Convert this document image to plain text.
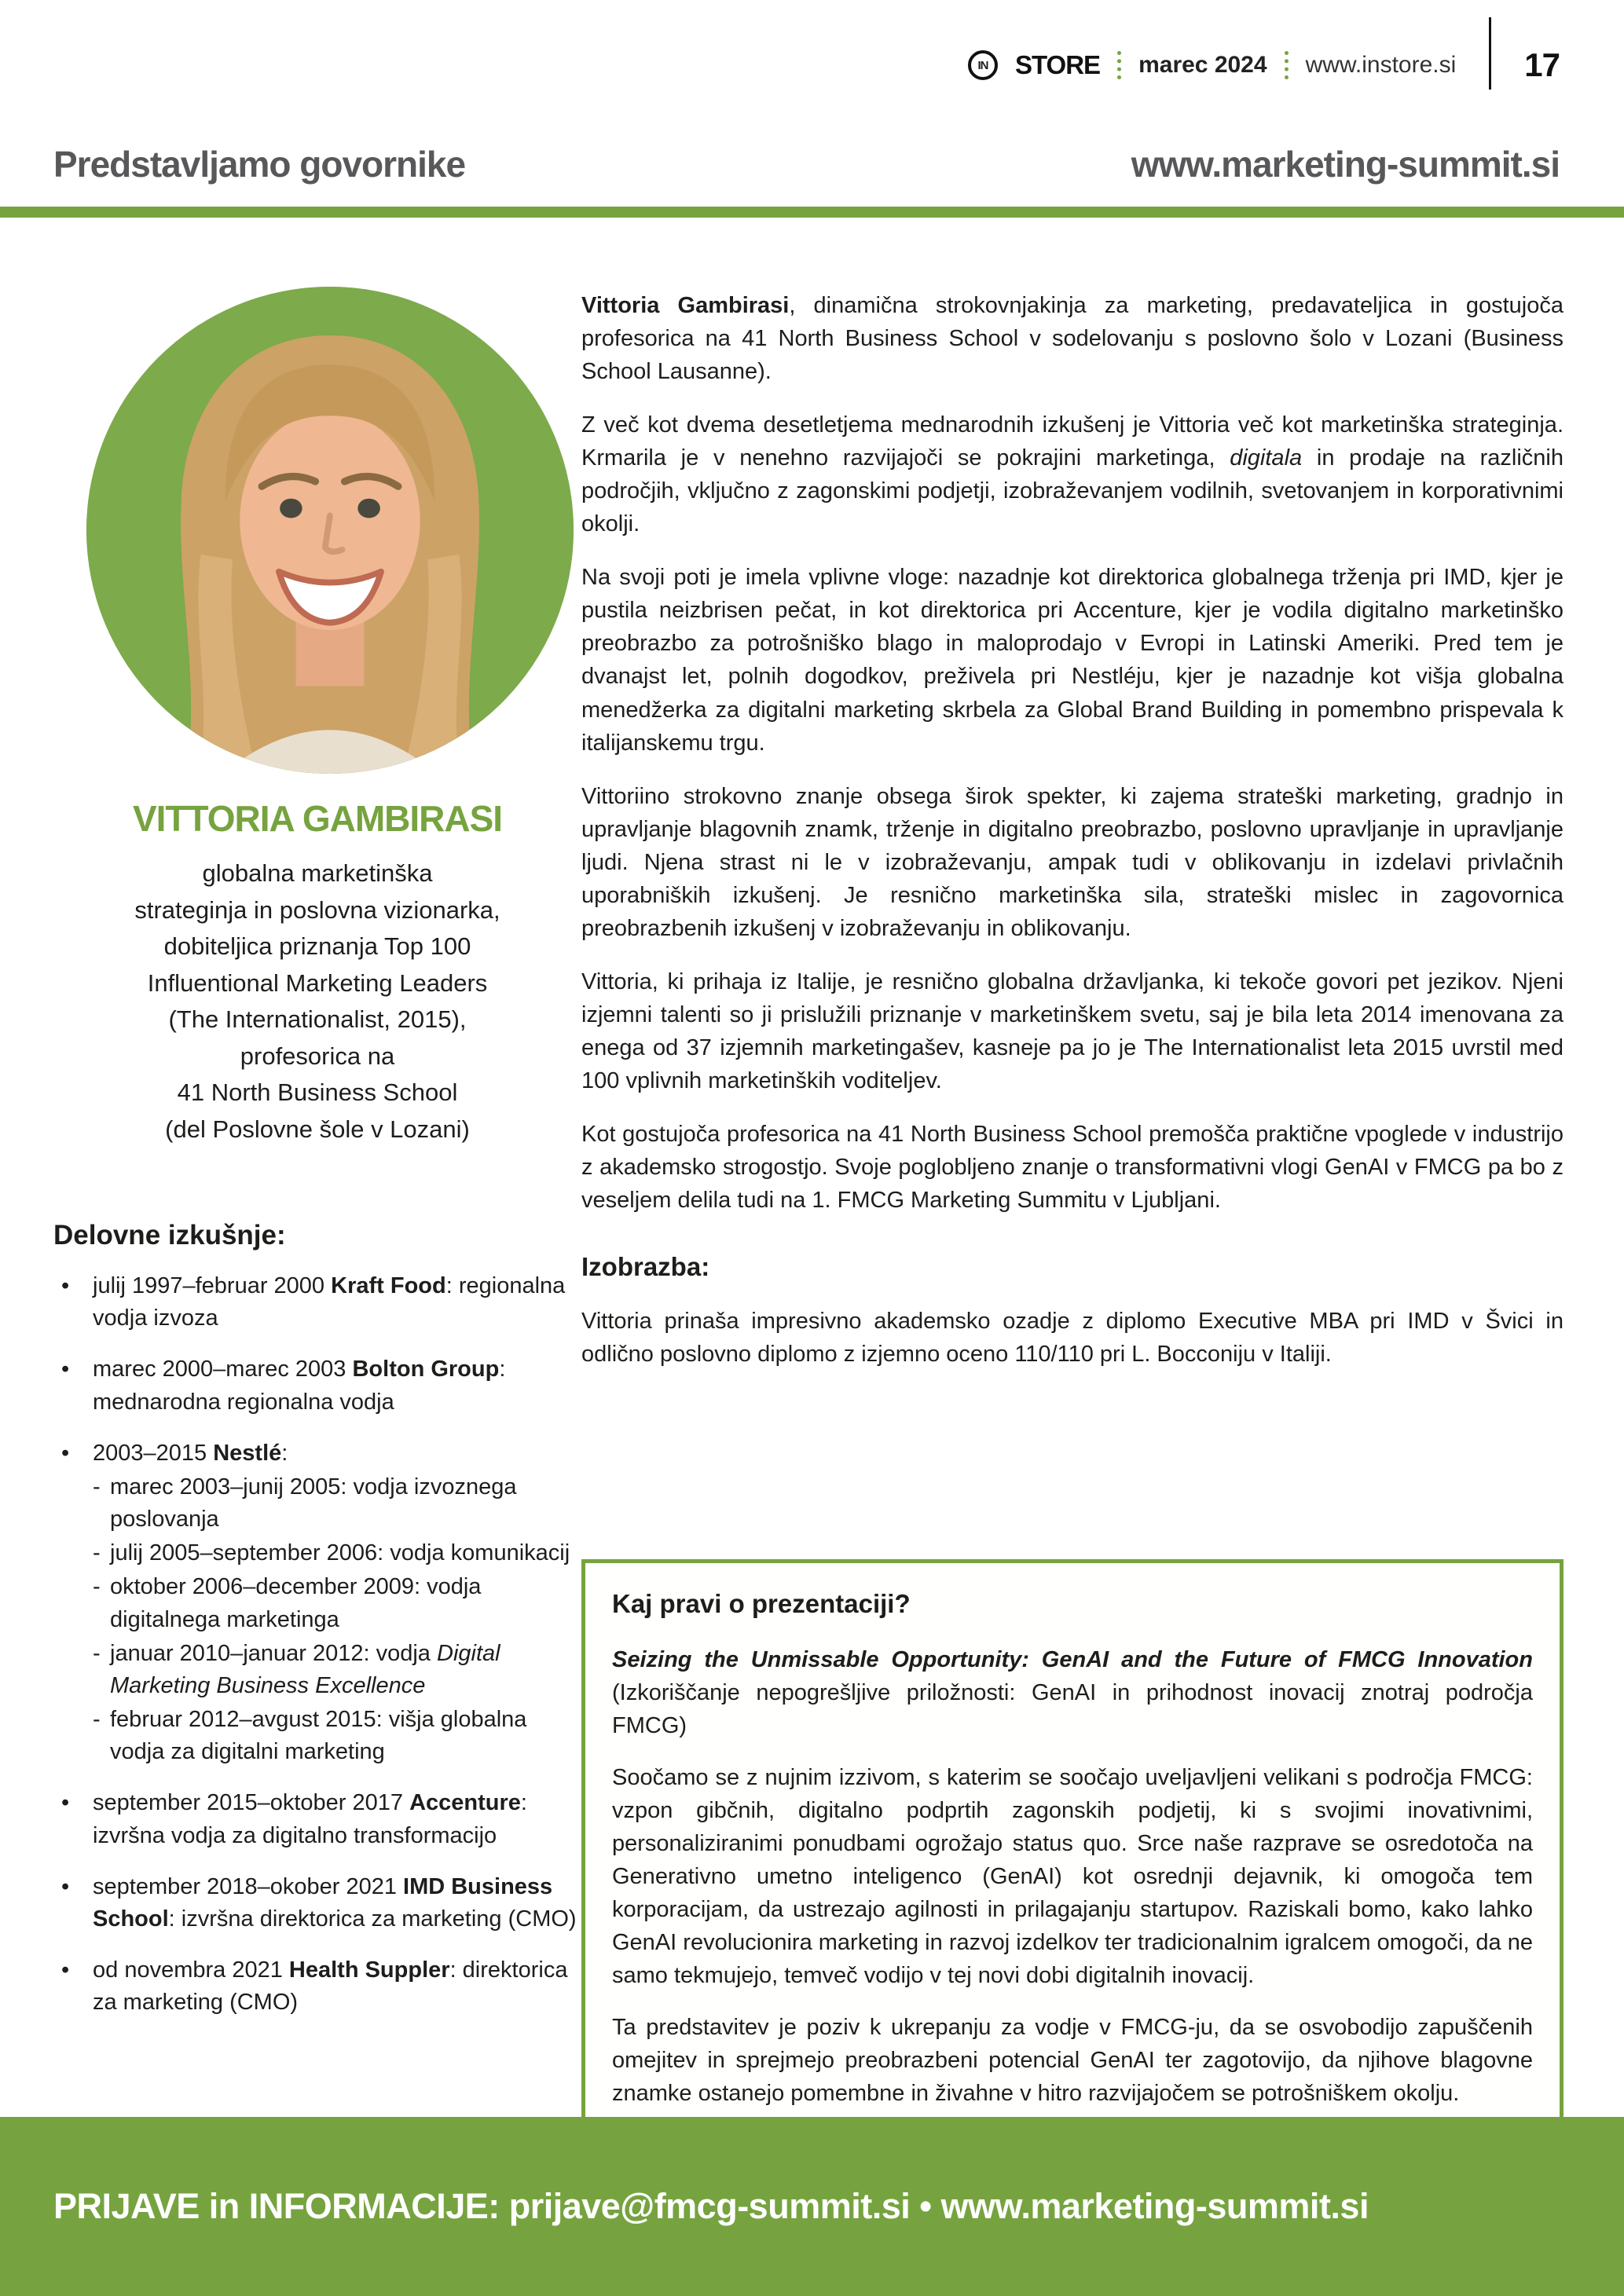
IN STORE marec 2024 www.instore.si 17
Predstavljamo govornike	www.marketing-summit.si
VITTORIA GAMBIRASI
globalna marketinška
strateginja in poslovna vizionarka,
dobiteljica priznanja Top 100
Influentional Marketing Leaders
(The Internationalist, 2015),
profesorica na
41 North Business School
(del Poslovne šole v Lozani)
Delovne izkušnje:
•	julij 1997–februar 2000 Kraft Food: regionalna vodja izvoza
•	marec 2000–marec 2003 Bolton Group: mednarodna regionalna vodja
•	2003–2015 Nestlé:
- marec 2003–junij 2005: vodja izvoznega poslovanja
- julij 2005–september 2006: vodja komunikacij
- oktober 2006–december 2009: vodja digitalnega marketinga
- januar 2010–januar 2012: vodja Digital Marketing Business Excellence
- februar 2012–avgust 2015: višja globalna vodja za digitalni marketing
•	september 2015–oktober 2017 Accenture: izvršna vodja za digitalno transformacijo
•	september 2018–okober 2021 IMD Business School: izvršna direktorica za marketing (CMO)
•	od novembra 2021 Health Suppler: direktorica za marketing (CMO)

Vittoria Gambirasi, dinamična strokovnjakinja za marketing, predavateljica in gostujoča profesorica na 41 North Business School v sodelovanju s poslovno šolo v Lozani (Business School Lausanne).

Z več kot dvema desetletjema mednarodnih izkušenj je Vittoria več kot marketinška strateginja. Krmarila je v nenehno razvijajoči se pokrajini marketinga, digitala in prodaje na različnih področjih, vključno z zagonskimi podjetji, izobraževanjem vodilnih, svetovanjem in korporativnimi okolji.

Na svoji poti je imela vplivne vloge: nazadnje kot direktorica globalnega trženja pri IMD, kjer je pustila neizbrisen pečat, in kot direktorica pri Accenture, kjer je vodila digitalno marketinško preobrazbo za potrošniško blago in maloprodajo v Evropi in Latinski Ameriki. Pred tem je dvanajst let, polnih dogodkov, preživela pri Nestléju, kjer je nazadnje kot višja globalna menedžerka za digitalni marketing skrbela za Global Brand Building in pomembno prispevala k italijanskemu trgu.

Vittoriino strokovno znanje obsega širok spekter, ki zajema strateški marketing, gradnjo in upravljanje blagovnih znamk, trženje in digitalno preobrazbo, poslovno upravljanje in upravljanje ljudi. Njena strast ni le v izobraževanju, ampak tudi v oblikovanju in izdelavi privlačnih uporabniških izkušenj. Je resnično marketinška sila, strateški mislec in zagovornica preobrazbenih izkušenj v izobraževanju in oblikovanju.

Vittoria, ki prihaja iz Italije, je resnično globalna državljanka, ki tekoče govori pet jezikov. Njeni izjemni talenti so ji prislužili priznanje v marketinškem svetu, saj je bila leta 2014 imenovana za enega od 37 izjemnih marketingašev, kasneje pa jo je The Internationalist leta 2015 uvrstil med 100 vplivnih marketinških voditeljev.

Kot gostujoča profesorica na 41 North Business School premošča praktične vpoglede v industrijo z akademsko strogostjo. Svoje poglobljeno znanje o transformativni vlogi GenAI v FMCG pa bo z veseljem delila tudi na 1. FMCG Marketing Summitu v Ljubljani.

Izobrazba:

Vittoria prinaša impresivno akademsko ozadje z diplomo Executive MBA pri IMD v Švici in odlično poslovno diplomo z izjemno oceno 110/110 pri L. Bocconiju v Italiji.

Kaj pravi o prezentaciji?

Seizing the Unmissable Opportunity: GenAI and the Future of FMCG Innovation (Izkoriščanje nepogrešljive priložnosti: GenAI in prihodnost inovacij znotraj področja FMCG)

Soočamo se z nujnim izzivom, s katerim se soočajo uveljavljeni velikani s področja FMCG: vzpon gibčnih, digitalno podprtih zagonskih podjetij, ki s svojimi inovativnimi, personaliziranimi ponudbami ogrožajo status quo. Srce naše razprave se osredotoča na Generativno umetno inteligenco (GenAI) kot osrednji dejavnik, ki omogoča tem korporacijam, da ustrezajo agilnosti in prilagajanju startupov. Raziskali bomo, kako lahko GenAI revolucionira marketing in razvoj izdelkov ter tradicionalnim igralcem omogoči, da ne samo tekmujejo, temveč vodijo v tej novi dobi digitalnih inovacij.

Ta predstavitev je poziv k ukrepanju za vodje v FMCG-ju, da se osvobodijo zapuščenih omejitev in sprejmejo preobrazbeni potencial GenAI ter zagotovijo, da njihove blagovne znamke ostanejo pomembne in živahne v hitro razvijajočem se potrošniškem okolju.

PRIJAVE in INFORMACIJE: prijave@fmcg-summit.si • www.marketing-summit.si
